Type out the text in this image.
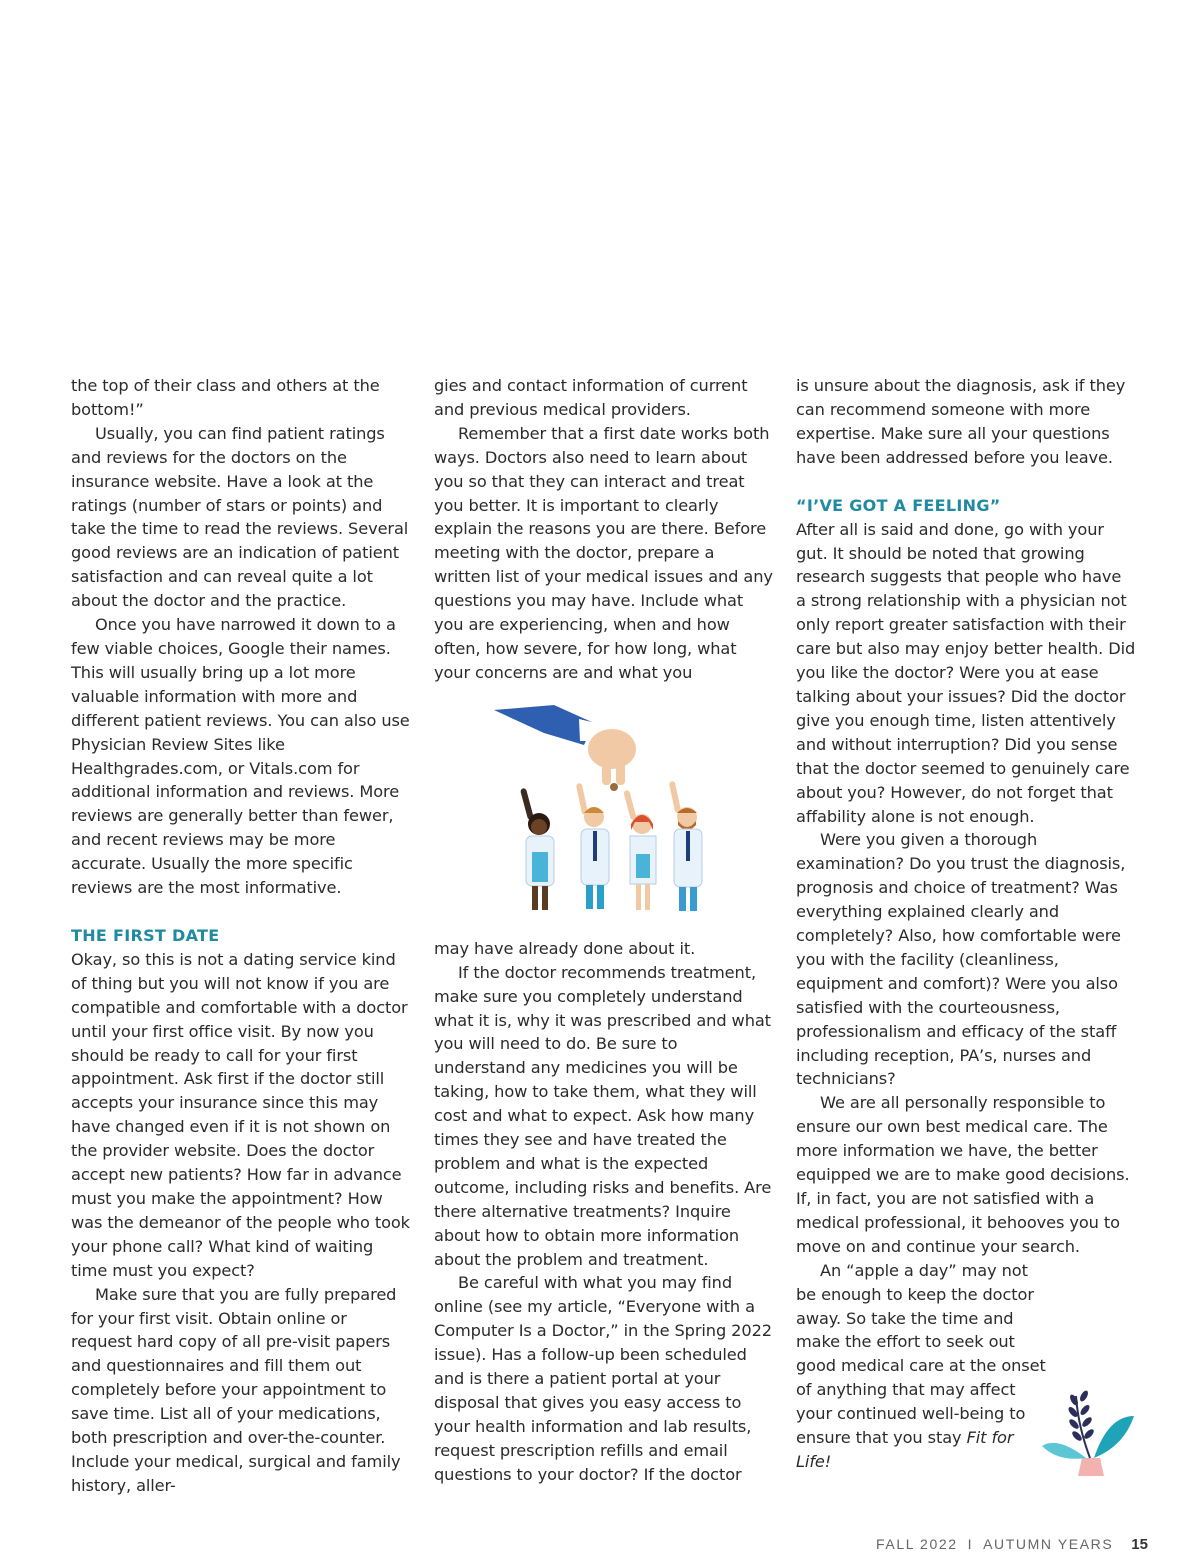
the top of their class and others at the bottom!”

Usually, you can find patient ratings and reviews for the doctors on the insurance website. Have a look at the ratings (number of stars or points) and take the time to read the reviews. Several good reviews are an indication of patient satisfaction and can reveal quite a lot about the doctor and the practice.

Once you have narrowed it down to a few viable choices, Google their names. This will usually bring up a lot more valuable information with more and different patient reviews. You can also use Physician Review Sites like Healthgrades.com, or Vitals.com for additional information and reviews. More reviews are generally better than fewer, and recent reviews may be more accurate. Usually the more specific reviews are the most informative.

THE FIRST DATE

Okay, so this is not a dating service kind of thing but you will not know if you are compatible and comfortable with a doctor until your first office visit. By now you should be ready to call for your first appointment. Ask first if the doctor still accepts your insurance since this may have changed even if it is not shown on the provider website. Does the doctor accept new patients? How far in advance must you make the appointment? How was the demeanor of the people who took your phone call? What kind of waiting time must you expect?

Make sure that you are fully prepared for your first visit. Obtain online or request hard copy of all pre-visit papers and questionnaires and fill them out completely before your appointment to save time. List all of your medications, both prescription and over-the-counter. Include your medical, surgical and family history, aller-

gies and contact information of current and previous medical providers.

Remember that a first date works both ways. Doctors also need to learn about you so that they can interact and treat you better. It is important to clearly explain the reasons you are there. Before meeting with the doctor, prepare a written list of your medical issues and any questions you may have. Include what you are experiencing, when and how often, how severe, for how long, what your concerns are and what you

may have already done about it.

If the doctor recommends treatment, make sure you completely understand what it is, why it was prescribed and what you will need to do. Be sure to understand any medicines you will be taking, how to take them, what they will cost and what to expect. Ask how many times they see and have treated the problem and what is the expected outcome, including risks and benefits. Are there alternative treatments? Inquire about how to obtain more information about the problem and treatment.

Be careful with what you may find online (see my article, “Everyone with a Computer Is a Doctor,” in the Spring 2022 issue). Has a follow-up been scheduled and is there a patient portal at your disposal that gives you easy access to your health information and lab results, request prescription refills and email questions to your doctor? If the doctor

is unsure about the diagnosis, ask if they can recommend someone with more expertise. Make sure all your questions have been addressed before you leave.

“I’VE GOT A FEELING”

After all is said and done, go with your gut. It should be noted that growing research suggests that people who have a strong relationship with a physician not only report greater satisfaction with their care but also may enjoy better health. Did you like the doctor? Were you at ease talking about your issues? Did the doctor give you enough time, listen attentively and without interruption? Did you sense that the doctor seemed to genuinely care about you? However, do not forget that affability alone is not enough.

Were you given a thorough examination? Do you trust the diagnosis, prognosis and choice of treatment? Was everything explained clearly and completely? Also, how comfortable were you with the facility (cleanliness, equipment and comfort)? Were you also satisfied with the courteousness, professionalism and efficacy of the staff including reception, PA’s, nurses and technicians?

We are all personally responsible to ensure our own best medical care. The more information we have, the better equipped we are to make good decisions. If, in fact, you are not satisfied with a medical professional, it behooves you to move on and continue your search.

An “apple a day” may not be enough to keep the doctor away. So take the time and make the effort to seek out good medical care at the onset of anything that may affect your continued well-being to ensure that you stay Fit for Life!

FALL 2022 I AUTUMN YEARS 15
